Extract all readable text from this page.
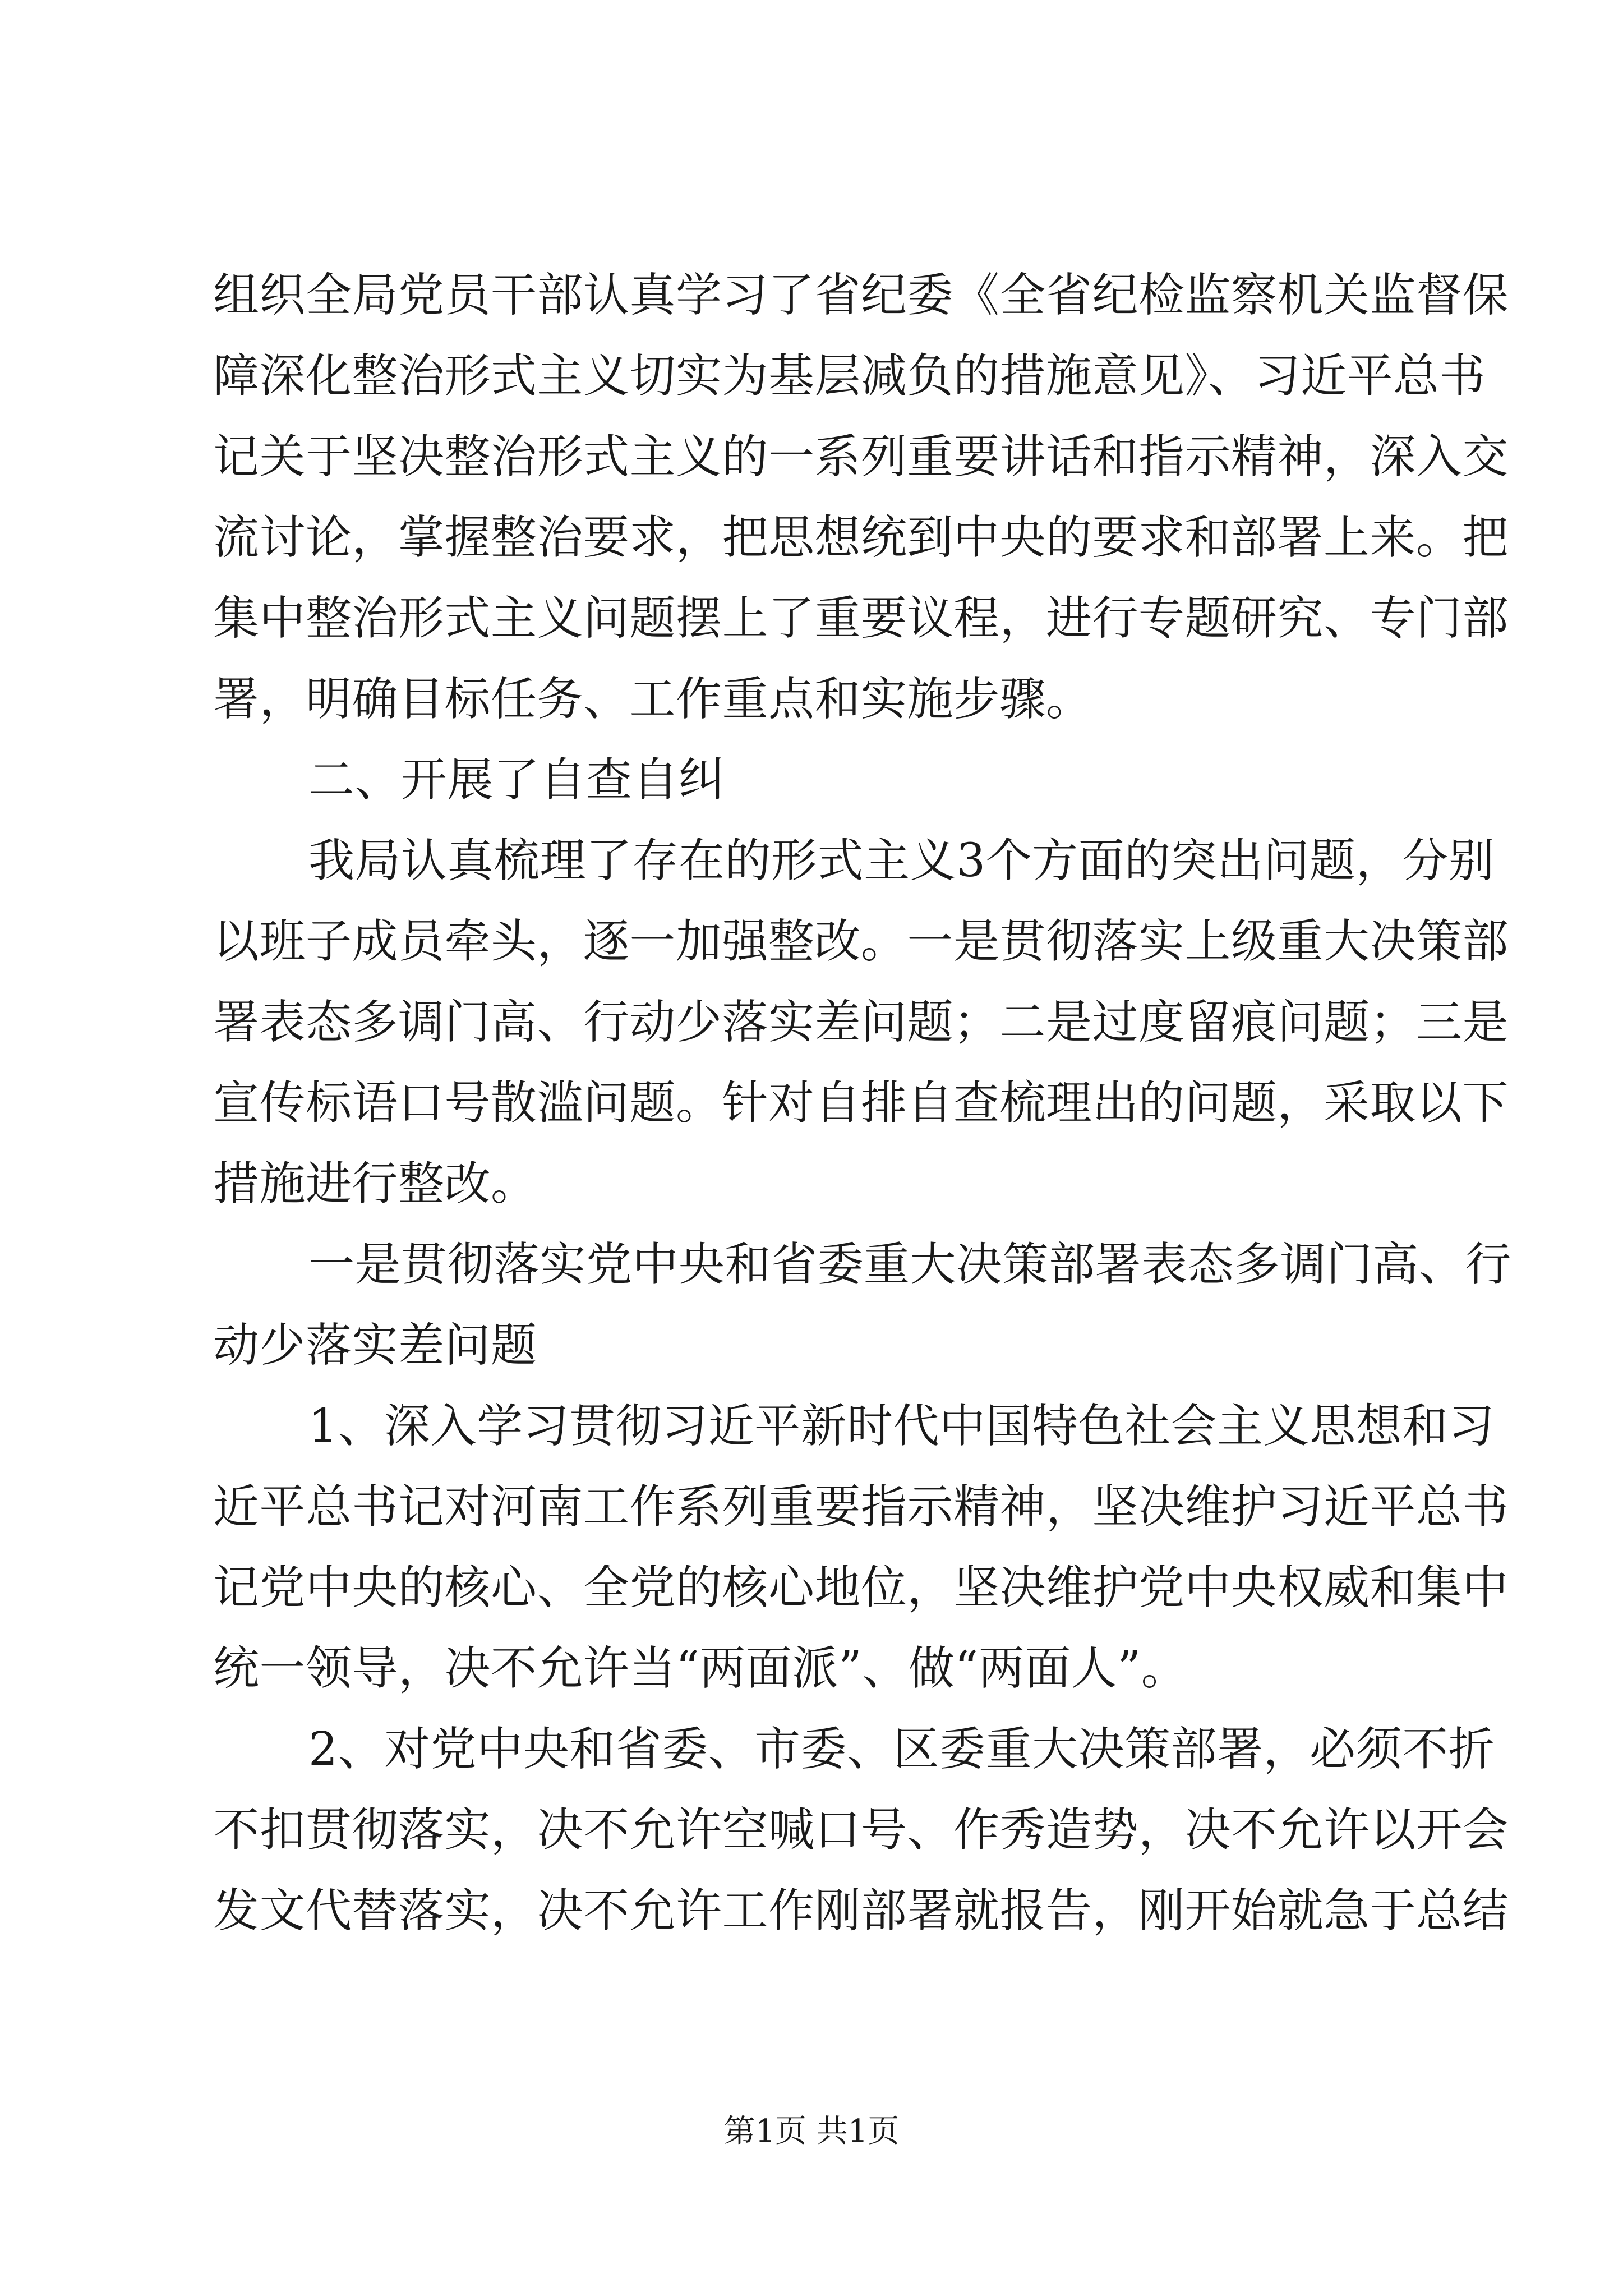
组织全局党员干部认真学习了省纪委《全省纪检监察机关监督保
障深化整治形式主义切实为基层减负的措施意见》、习近平总书
记关于坚决整治形式主义的一系列重要讲话和指示精神，深入交
流讨论，掌握整治要求，把思想统到中央的要求和部署上来。把
集中整治形式主义问题摆上了重要议程，进行专题研究、专门部
署，明确目标任务、工作重点和实施步骤。
二、开展了自查自纠
我局认真梳理了存在的形式主义3个方面的突出问题，分别
以班子成员牵头，逐一加强整改。一是贯彻落实上级重大决策部
署表态多调门高、行动少落实差问题；二是过度留痕问题；三是
宣传标语口号散滥问题。针对自排自查梳理出的问题，采取以下
措施进行整改。
一是贯彻落实党中央和省委重大决策部署表态多调门高、行
动少落实差问题
1、深入学习贯彻习近平新时代中国特色社会主义思想和习
近平总书记对河南工作系列重要指示精神，坚决维护习近平总书
记党中央的核心、全党的核心地位，坚决维护党中央权威和集中
统一领导，决不允许当“两面派”、做“两面人”。
2、对党中央和省委、市委、区委重大决策部署，必须不折
不扣贯彻落实，决不允许空喊口号、作秀造势，决不允许以开会
发文代替落实，决不允许工作刚部署就报告，刚开始就急于总结
第1页 共1页
